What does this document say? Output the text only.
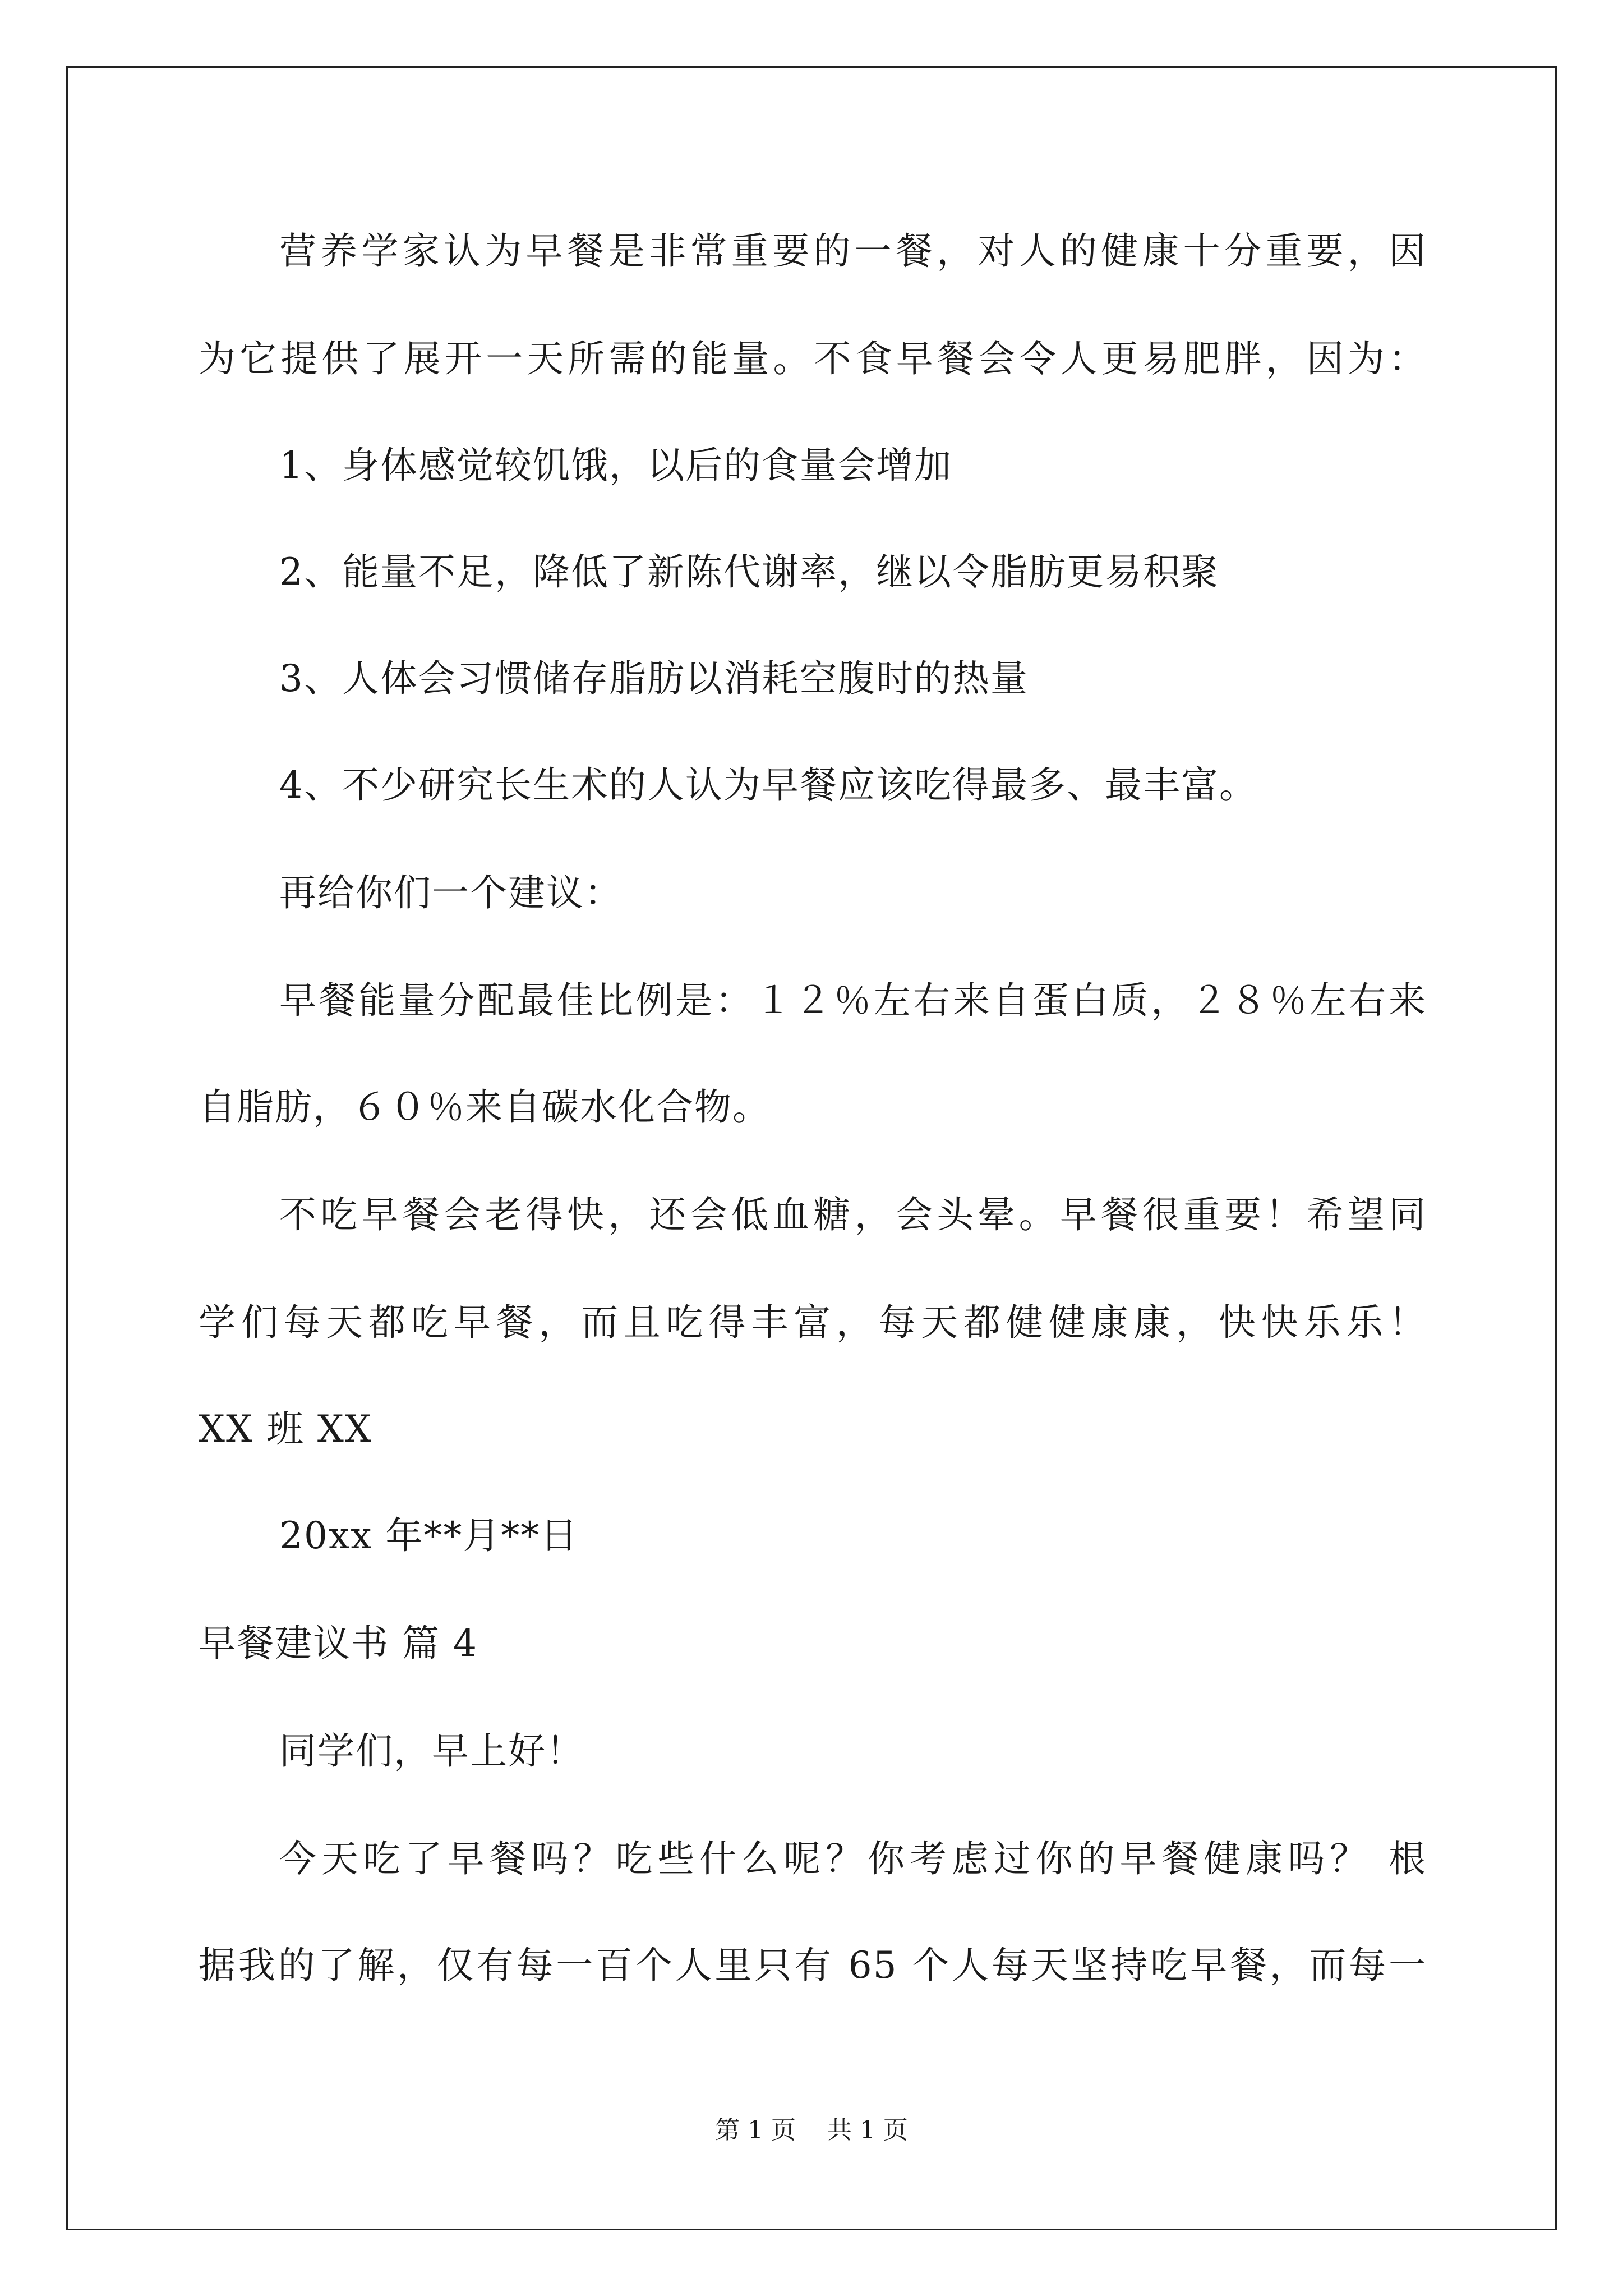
营养学家认为早餐是非常重要的一餐，对人的健康十分重要，因
为它提供了展开一天所需的能量。不食早餐会令人更易肥胖，因为：
1、身体感觉较饥饿，以后的食量会增加
2、能量不足，降低了新陈代谢率，继以令脂肪更易积聚
3、人体会习惯储存脂肪以消耗空腹时的热量
4、不少研究长生术的人认为早餐应该吃得最多、最丰富。
再给你们一个建议：
早餐能量分配最佳比例是：１２％左右来自蛋白质，２８％左右来
自脂肪，６０％来自碳水化合物。
不吃早餐会老得快，还会低血糖，会头晕。早餐很重要！希望同
学们每天都吃早餐，而且吃得丰富，每天都健健康康，快快乐乐！
XX 班 XX
20xx 年**月**日
早餐建议书 篇 4
同学们，早上好！
今天吃了早餐吗？吃些什么呢？你考虑过你的早餐健康吗？ 根
据我的了解，仅有每一百个人里只有 65 个人每天坚持吃早餐，而每一
第 1 页    共 1 页
